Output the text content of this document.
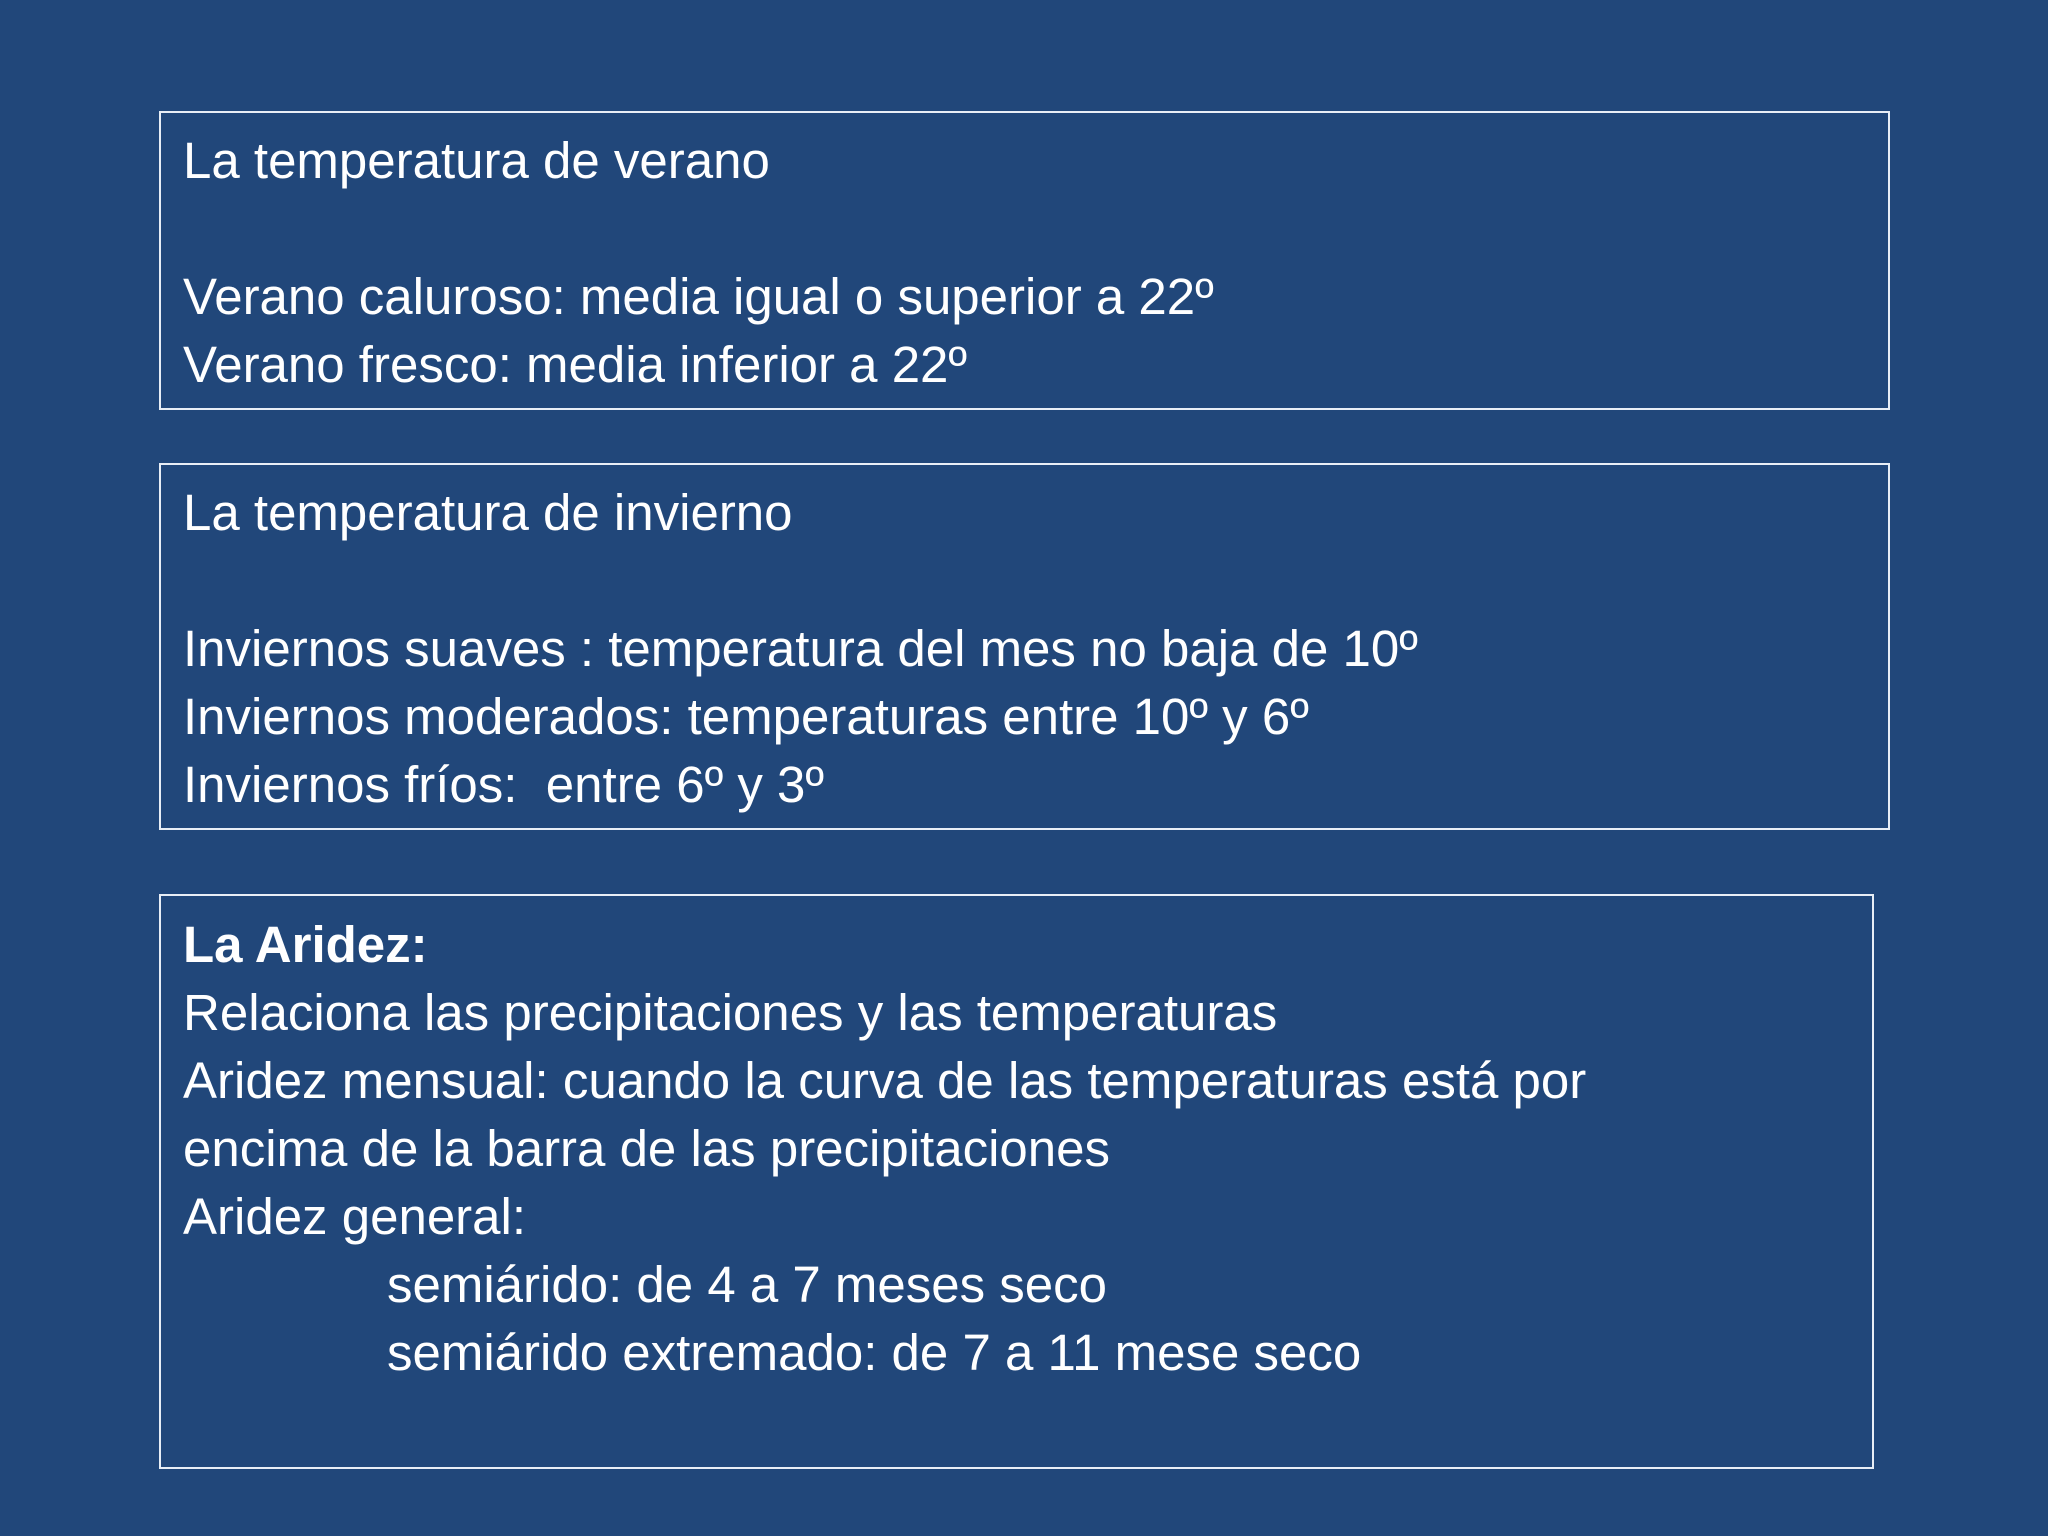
La temperatura de verano

Verano caluroso: media igual o superior a 22º

Verano fresco: media inferior a 22º

La temperatura de invierno

Inviernos suaves : temperatura del mes no baja de 10º

Inviernos moderados: temperaturas entre 10º y 6º

Inviernos fríos:  entre 6º y 3º

La Aridez:

Relaciona las precipitaciones y las temperaturas

Aridez mensual: cuando la curva de las temperaturas está por

encima de la barra de las precipitaciones

Aridez general:

semiárido: de 4 a 7 meses seco

semiárido extremado: de 7 a 11 mese seco
